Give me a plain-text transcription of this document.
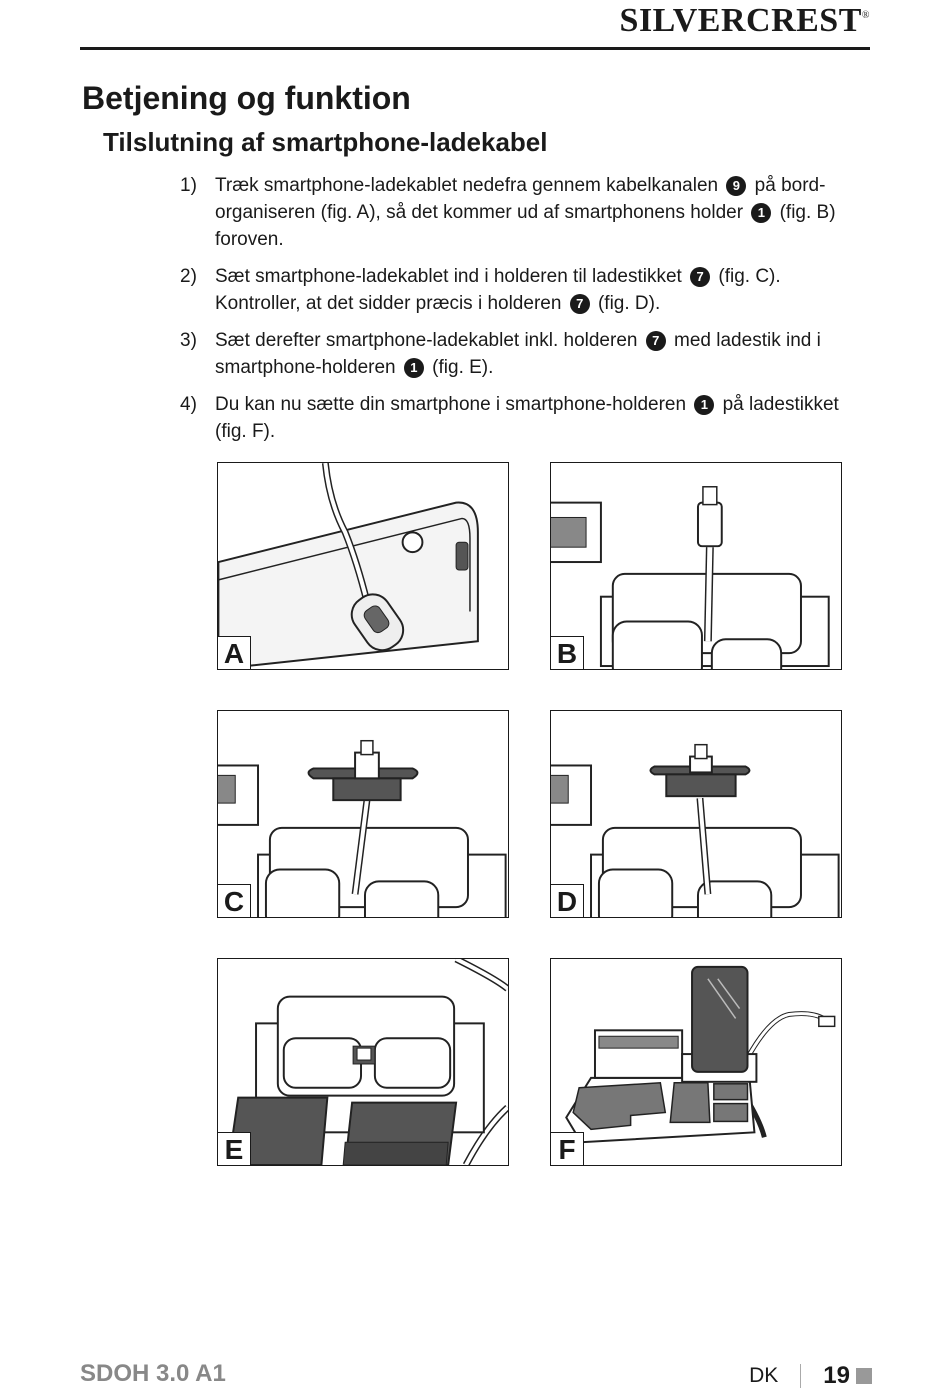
SILVERCREST®
Betjening og funktion
Tilslutning af smartphone-ladekabel
1) Træk smartphone-ladekablet nedefra gennem kabelkanalen 9 på bord-organiseren (fig. A), så det kommer ud af smartphonens holder 1 (fig. B) foroven.
2) Sæt smartphone-ladekablet ind i holderen til ladestikket 7 (fig. C). Kontroller, at det sidder præcis i holderen 7 (fig. D).
3) Sæt derefter smartphone-ladekablet inkl. holderen 7 med ladestik ind i smartphone-holderen 1 (fig. E).
4) Du kan nu sætte din smartphone i smartphone-holderen 1 på ladestikket (fig. F).
A	B
C	D
E	F
SDOH 3.0 A1	DK 19
